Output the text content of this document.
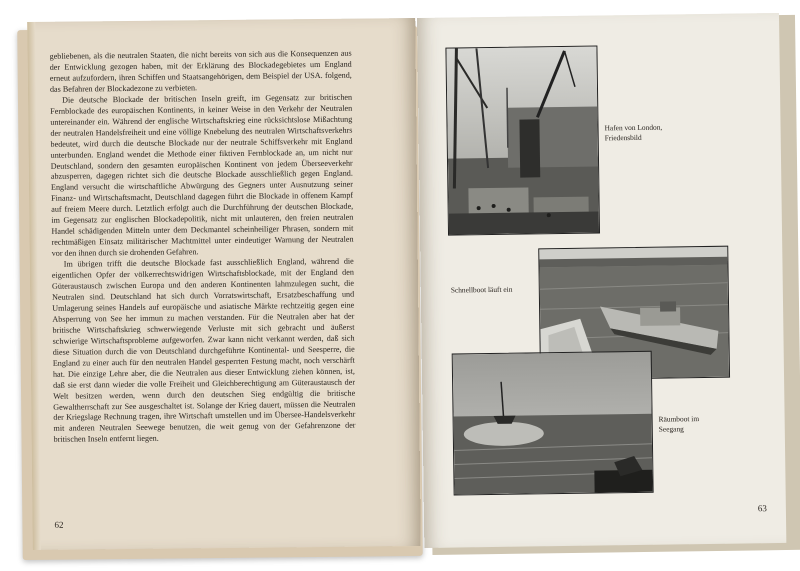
gebliebenen, als die neutralen Staaten, die nicht bereits von sich aus die Konsequenzen aus der Entwicklung gezogen haben, mit der Erklärung des Blockadegebietes um England erneut aufzufordern, ihren Schiffen und Staatsangehörigen, dem Beispiel der USA. folgend, das Befahren der Blockadezone zu verbieten.

Die deutsche Blockade der britischen Inseln greift, im Gegensatz zur britischen Fernblockade des europäischen Kontinents, in keiner Weise in den Verkehr der Neutralen untereinander ein. Während der englische Wirtschaftskrieg eine rücksichtslose Mißachtung der neutralen Handelsfreiheit und eine völlige Knebelung des neutralen Wirtschaftsverkehrs bedeutet, wird durch die deutsche Blockade nur der neutrale Schiffsverkehr mit England unterbunden. England wendet die Methode einer fiktiven Fernblockade an, um nicht nur Deutschland, sondern den gesamten europäischen Kontinent von jedem Überseeverkehr abzusperren, dagegen richtet sich die deutsche Blockade ausschließlich gegen England. England versucht die wirtschaftliche Abwürgung des Gegners unter Ausnutzung seiner Finanz- und Wirtschaftsmacht, Deutschland dagegen führt die Blockade in offenem Kampf auf freiem Meere durch. Letztlich erfolgt auch die Durchführung der deutschen Blockade, im Gegensatz zur englischen Blockadepolitik, nicht mit unlauteren, den freien neutralen Handel schädigenden Mitteln unter dem Deckmantel scheinheiliger Phrasen, sondern mit rechtmäßigen Einsatz militärischer Machtmittel unter eindeutiger Warnung der Neutralen vor den ihnen durch sie drohenden Gefahren.

Im übrigen trifft die deutsche Blockade fast ausschließlich England, während die eigentlichen Opfer der völkerrechtswidrigen Wirtschaftsblockade, mit der England den Güteraustausch zwischen Europa und den anderen Kontinenten lahmzulegen sucht, die Neutralen sind. Deutschland hat sich durch Vorratswirtschaft, Ersatzbeschaffung und Umlagerung seines Handels auf europäische und asiatische Märkte rechtzeitig gegen eine Absperrung von See her immun zu machen verstanden. Für die Neutralen aber hat der britische Wirtschaftskrieg schwerwiegende Verluste mit sich gebracht und äußerst schwierige Wirtschaftsprobleme aufgeworfen. Zwar kann nicht verkannt werden, daß sich diese Situation durch die von Deutschland durchgeführte Kontinental- und Seesperre, die England zu einer auch für den neutralen Handel gesperrten Festung macht, noch verschärft hat. Die einzige Lehre aber, die die Neutralen aus dieser Entwicklung ziehen können, ist, daß sie erst dann wieder die volle Freiheit und Gleichberechtigung am Güteraustausch der Welt besitzen werden, wenn durch den deutschen Sieg endgültig die britische Gewaltherrschaft zur See ausgeschaltet ist. Solange der Krieg dauert, müssen die Neutralen der Kriegslage Rechnung tragen, ihre Wirtschaft umstellen und im Übersee-Handelsverkehr mit anderen Neutralen Seewege benutzen, die weit genug von der Gefahrenzone der britischen Inseln entfernt liegen.

62
Hafen von London, Friedensbild
Schnellboot läuft ein
Räumboot im Seegang
63
